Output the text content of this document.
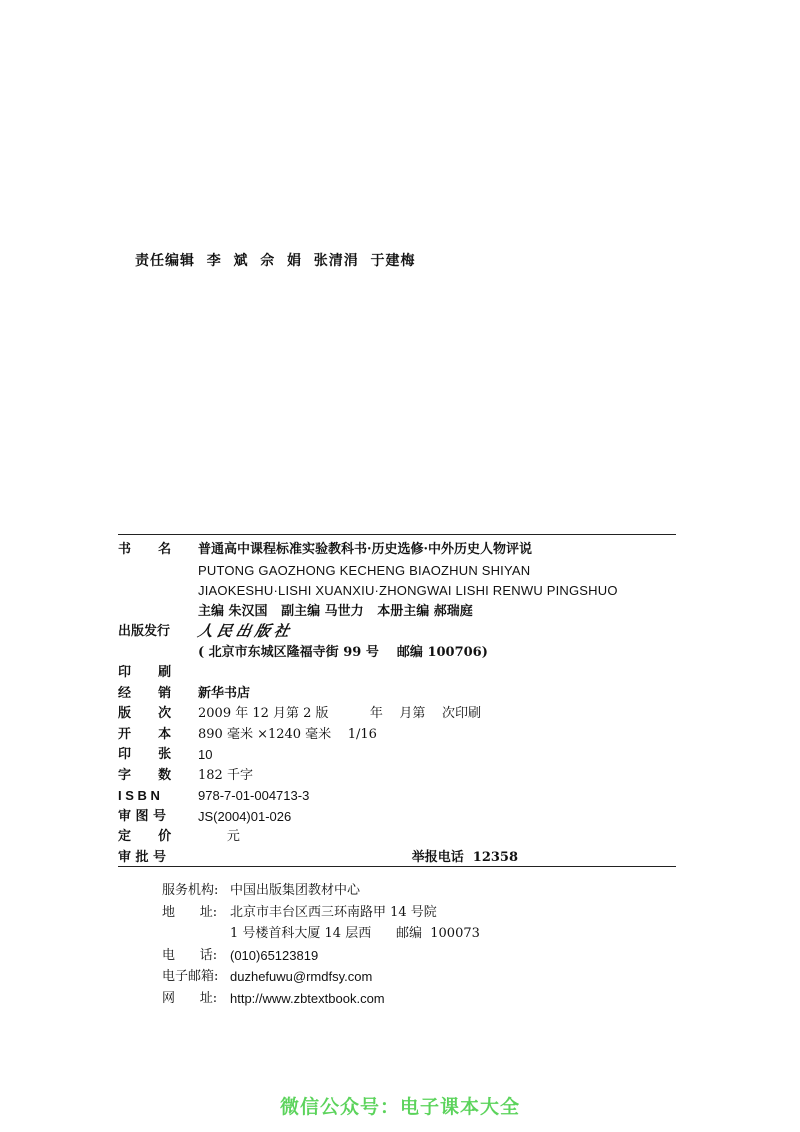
责任编辑  李  斌  佘  娟  张清涓  于建梅
书      名	普通高中课程标准实验教科书·历史选修·中外历史人物评说
PUTONG GAOZHONG KECHENG BIAOZHUN SHIYAN
JIAOKESHU·LISHI XUANXIU·ZHONGWAI LISHI RENWU PINGSHUO
主编 朱汉国   副主编 马世力   本册主编 郝瑞庭
出版发行	人民出版社
( 北京市东城区隆福寺街 99 号    邮编 100706)
印      刷
经      销	新华书店
版      次	2009 年 12 月第 2 版          年    月第    次印刷
开      本	890 毫米 ×1240 毫米    1/16
印      张	10
字      数	182 千字
I S B N	978-7-01-004713-3
审 图 号	JS(2004)01-026
定      价	元
审 批 号	举报电话  12358
服务机构: 中国出版集团教材中心
地      址: 北京市丰台区西三环南路甲 14 号院
1 号楼首科大厦 14 层西      邮编  100073
电      话: (010)65123819
电子邮箱: duzhefuwu@rmdfsy.com
网      址: http://www.zbtextbook.com
微信公众号：电子课本大全
